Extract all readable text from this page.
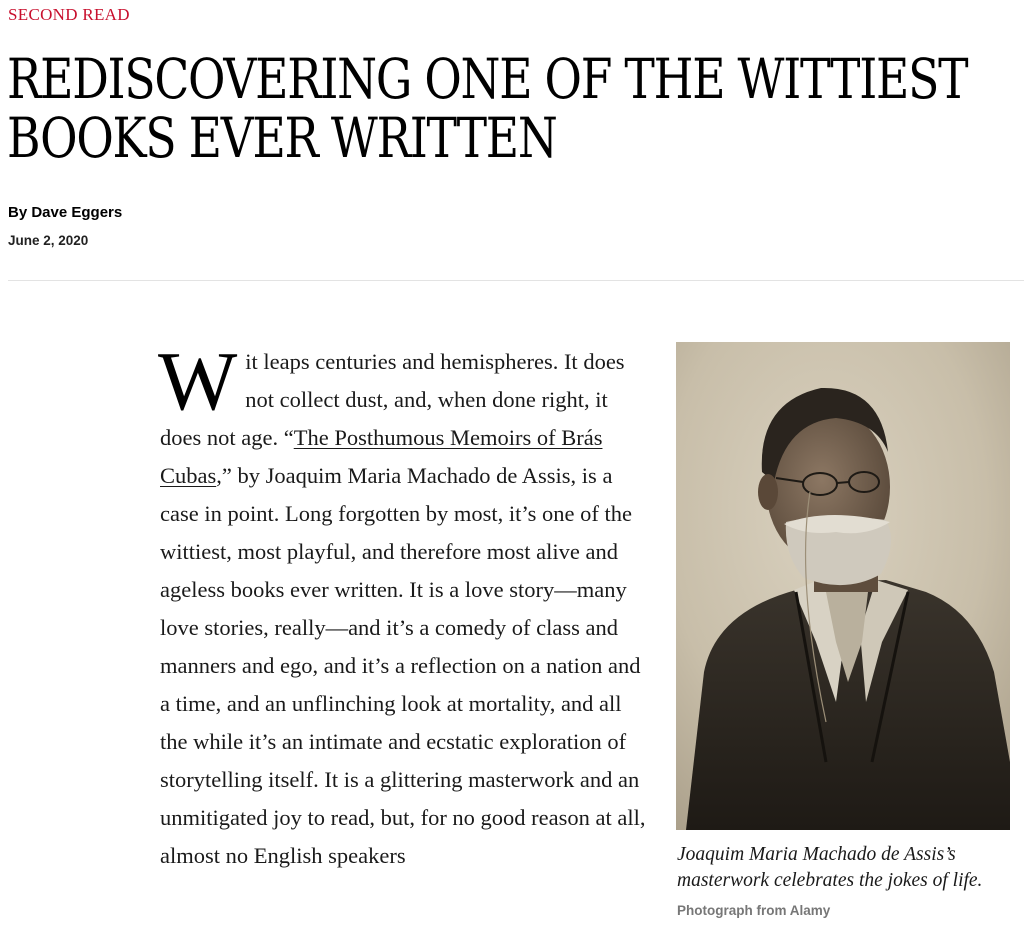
SECOND READ

REDISCOVERING ONE OF THE WITTIEST
BOOKS EVER WRITTEN

By Dave Eggers

June 2, 2020

Wit leaps centuries and hemispheres. It does not collect dust, and, when done right, it does not age. “The Posthumous Memoirs of Brás Cubas,” by Joaquim Maria Machado de Assis, is a case in point. Long forgotten by most, it’s one of the wittiest, most playful, and therefore most alive and ageless books ever written. It is a love story—many love stories, really—and it’s a comedy of class and manners and ego, and it’s a reflection on a nation and a time, and an unflinching look at mortality, and all the while it’s an intimate and ecstatic exploration of storytelling itself. It is a glittering masterwork and an unmitigated joy to read, but, for no good reason at all, almost no English speakers	Joaquim Maria Machado de Assis’s masterwork celebrates the jokes of life.

Photograph from Alamy
